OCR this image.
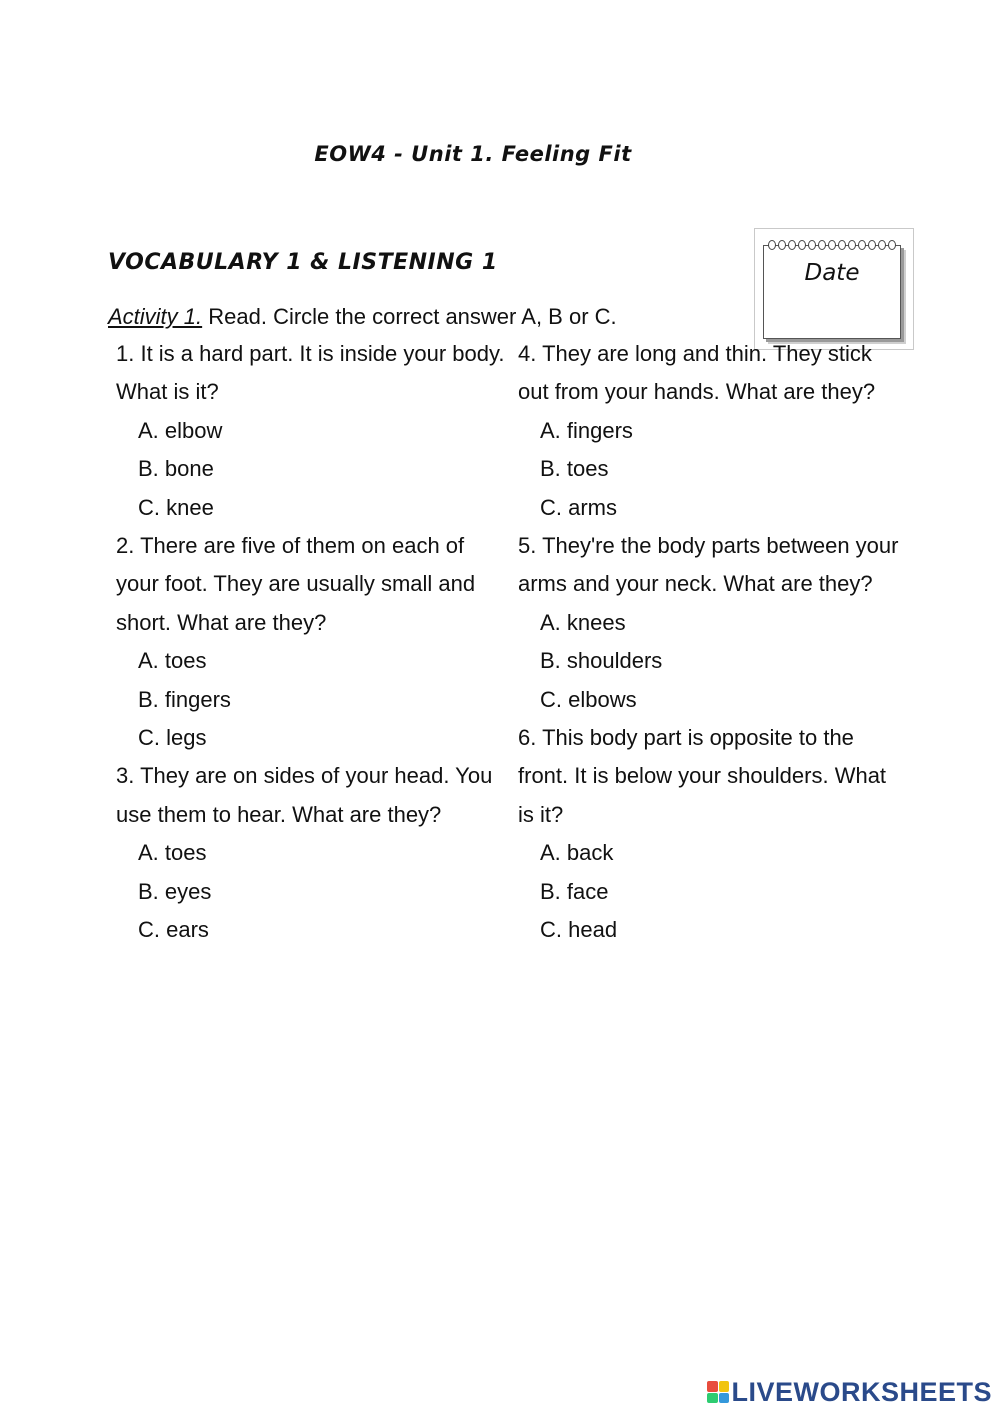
EOW4 - Unit 1. Feeling Fit
VOCABULARY 1 & LISTENING 1	Date
Activity 1. Read. Circle the correct answer A, B or C.
1. It is a hard part. It is inside your body. What is it?
A. elbow
B. bone
C. knee
2. There are five of them on each of your foot. They are usually small and short. What are they?
A. toes
B. fingers
C. legs
3. They are on sides of your head. You use them to hear. What are they?
A. toes
B. eyes
C. ears
4. They are long and thin. They stick out from your hands. What are they?
A. fingers
B. toes
C. arms
5. They're the body parts between your arms and your neck. What are they?
A. knees
B. shoulders
C. elbows
6. This body part is opposite to the front. It is below your shoulders. What is it?
A. back
B. face
C. head
LIVEWORKSHEETS
